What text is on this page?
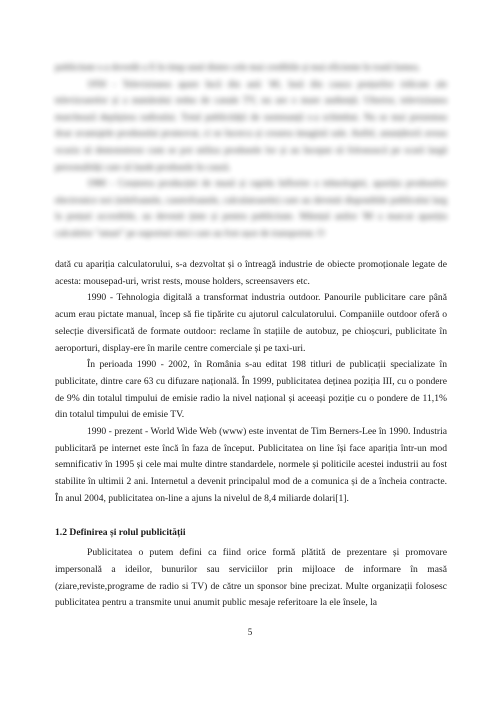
publicitate s-a dovedit a fi în timp unul dintre cele mai credibile și mai eficiente în toată lumea.

1950 - Televiziunea apare încă din anii '40, însă din cauza prețurilor ridicate ale televizoarelor și a numărului redus de canale TV, nu are o mare audiență. Ulterior, televiziunea marchează depășirea radioului. Totul publicității de sustenanță s-a schimbat. Nu se mai prezentau doar avantajele produsului promovat, ci se încerca și crearea imaginii sale. Astfel, anunțătorii aveau ocazia să demonstreze cum se pot utiliza produsele lor și au început să folosească pe scară largă personalități care să laude produsele în cauză.

1980 - Creșterea producției de masă și rapida înflorire a tehnologiei, apariția produselor electronice noi (telefoanele, casetofoanele, calculatoarele) care au devenit disponibile publicului larg la prețuri accesibile, au devenit ținte și pentru publicitate. Mărețul anilor '80 a marcat apariția calculelor "smart" pe suporturi mici care au fost ușor de transportat. O

dată cu apariția calculatorului, s-a dezvoltat și o întreagă industrie de obiecte promoționale legate de acesta: mousepad-uri, wrist rests, mouse holders, screensavers etc.

1990 - Tehnologia digitală a transformat industria outdoor. Panourile publicitare care până acum erau pictate manual, încep să fie tipărite cu ajutorul calculatorului. Companiile outdoor oferă o selecție diversificată de formate outdoor: reclame în stațiile de autobuz, pe chioșcuri, publicitate în aeroporturi, display-ere în marile centre comerciale și pe taxi-uri.

În perioada 1990 - 2002, în România s-au editat 198 titluri de publicații specializate în publicitate, dintre care 63 cu difuzare națională. În 1999, publicitatea deținea poziția III, cu o pondere de 9% din totalul timpului de emisie radio la nivel național și aceeași poziție cu o pondere de 11,1% din totalul timpului de emisie TV.

1990 - prezent - World Wide Web (www) este inventat de Tim Berners-Lee în 1990. Industria publicitară pe internet este încă în faza de început. Publicitatea on line își face apariția într-un mod semnificativ în 1995 și cele mai multe dintre standardele, normele și politicile acestei industrii au fost stabilite în ultimii 2 ani. Internetul a devenit principalul mod de a comunica și de a încheia contracte. În anul 2004, publicitatea on-line a ajuns la nivelul de 8,4 miliarde dolari[1].

1.2 Definirea și rolul publicității

Publicitatea o putem defini ca fiind orice formă plătită de prezentare și promovare impersonală a ideilor, bunurilor sau serviciilor prin mijloace de informare în masă (ziare,reviste,programe de radio si TV) de către un sponsor bine precizat. Multe organizații folosesc publicitatea pentru a transmite unui anumit public mesaje referitoare la ele însele, la

5
